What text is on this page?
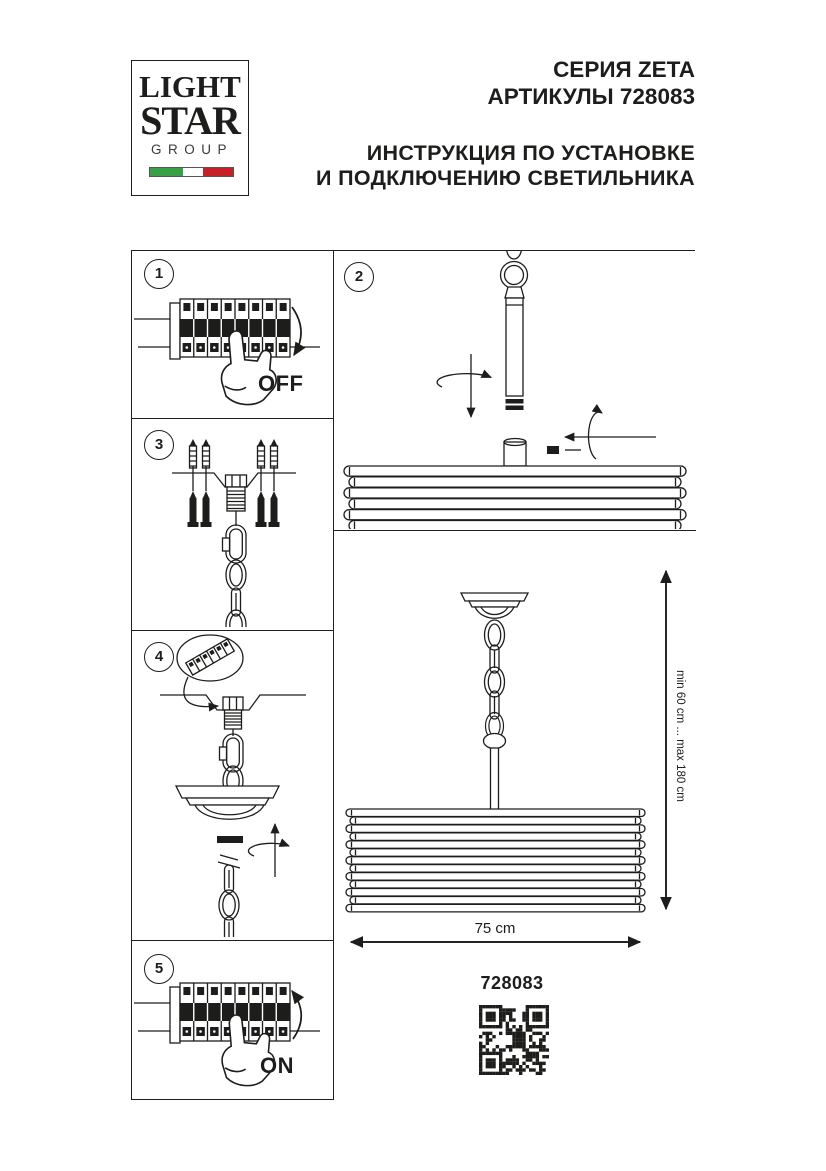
LIGHT
STAR
GROUP
СЕРИЯ ZETA
АРТИКУЛЫ 728083
ИНСТРУКЦИЯ ПО УСТАНОВКЕ
И ПОДКЛЮЧЕНИЮ СВЕТИЛЬНИКА
1
OFF
3
4
5
ON
2
min 60 cm ... max 180 cm
75 cm
728083
